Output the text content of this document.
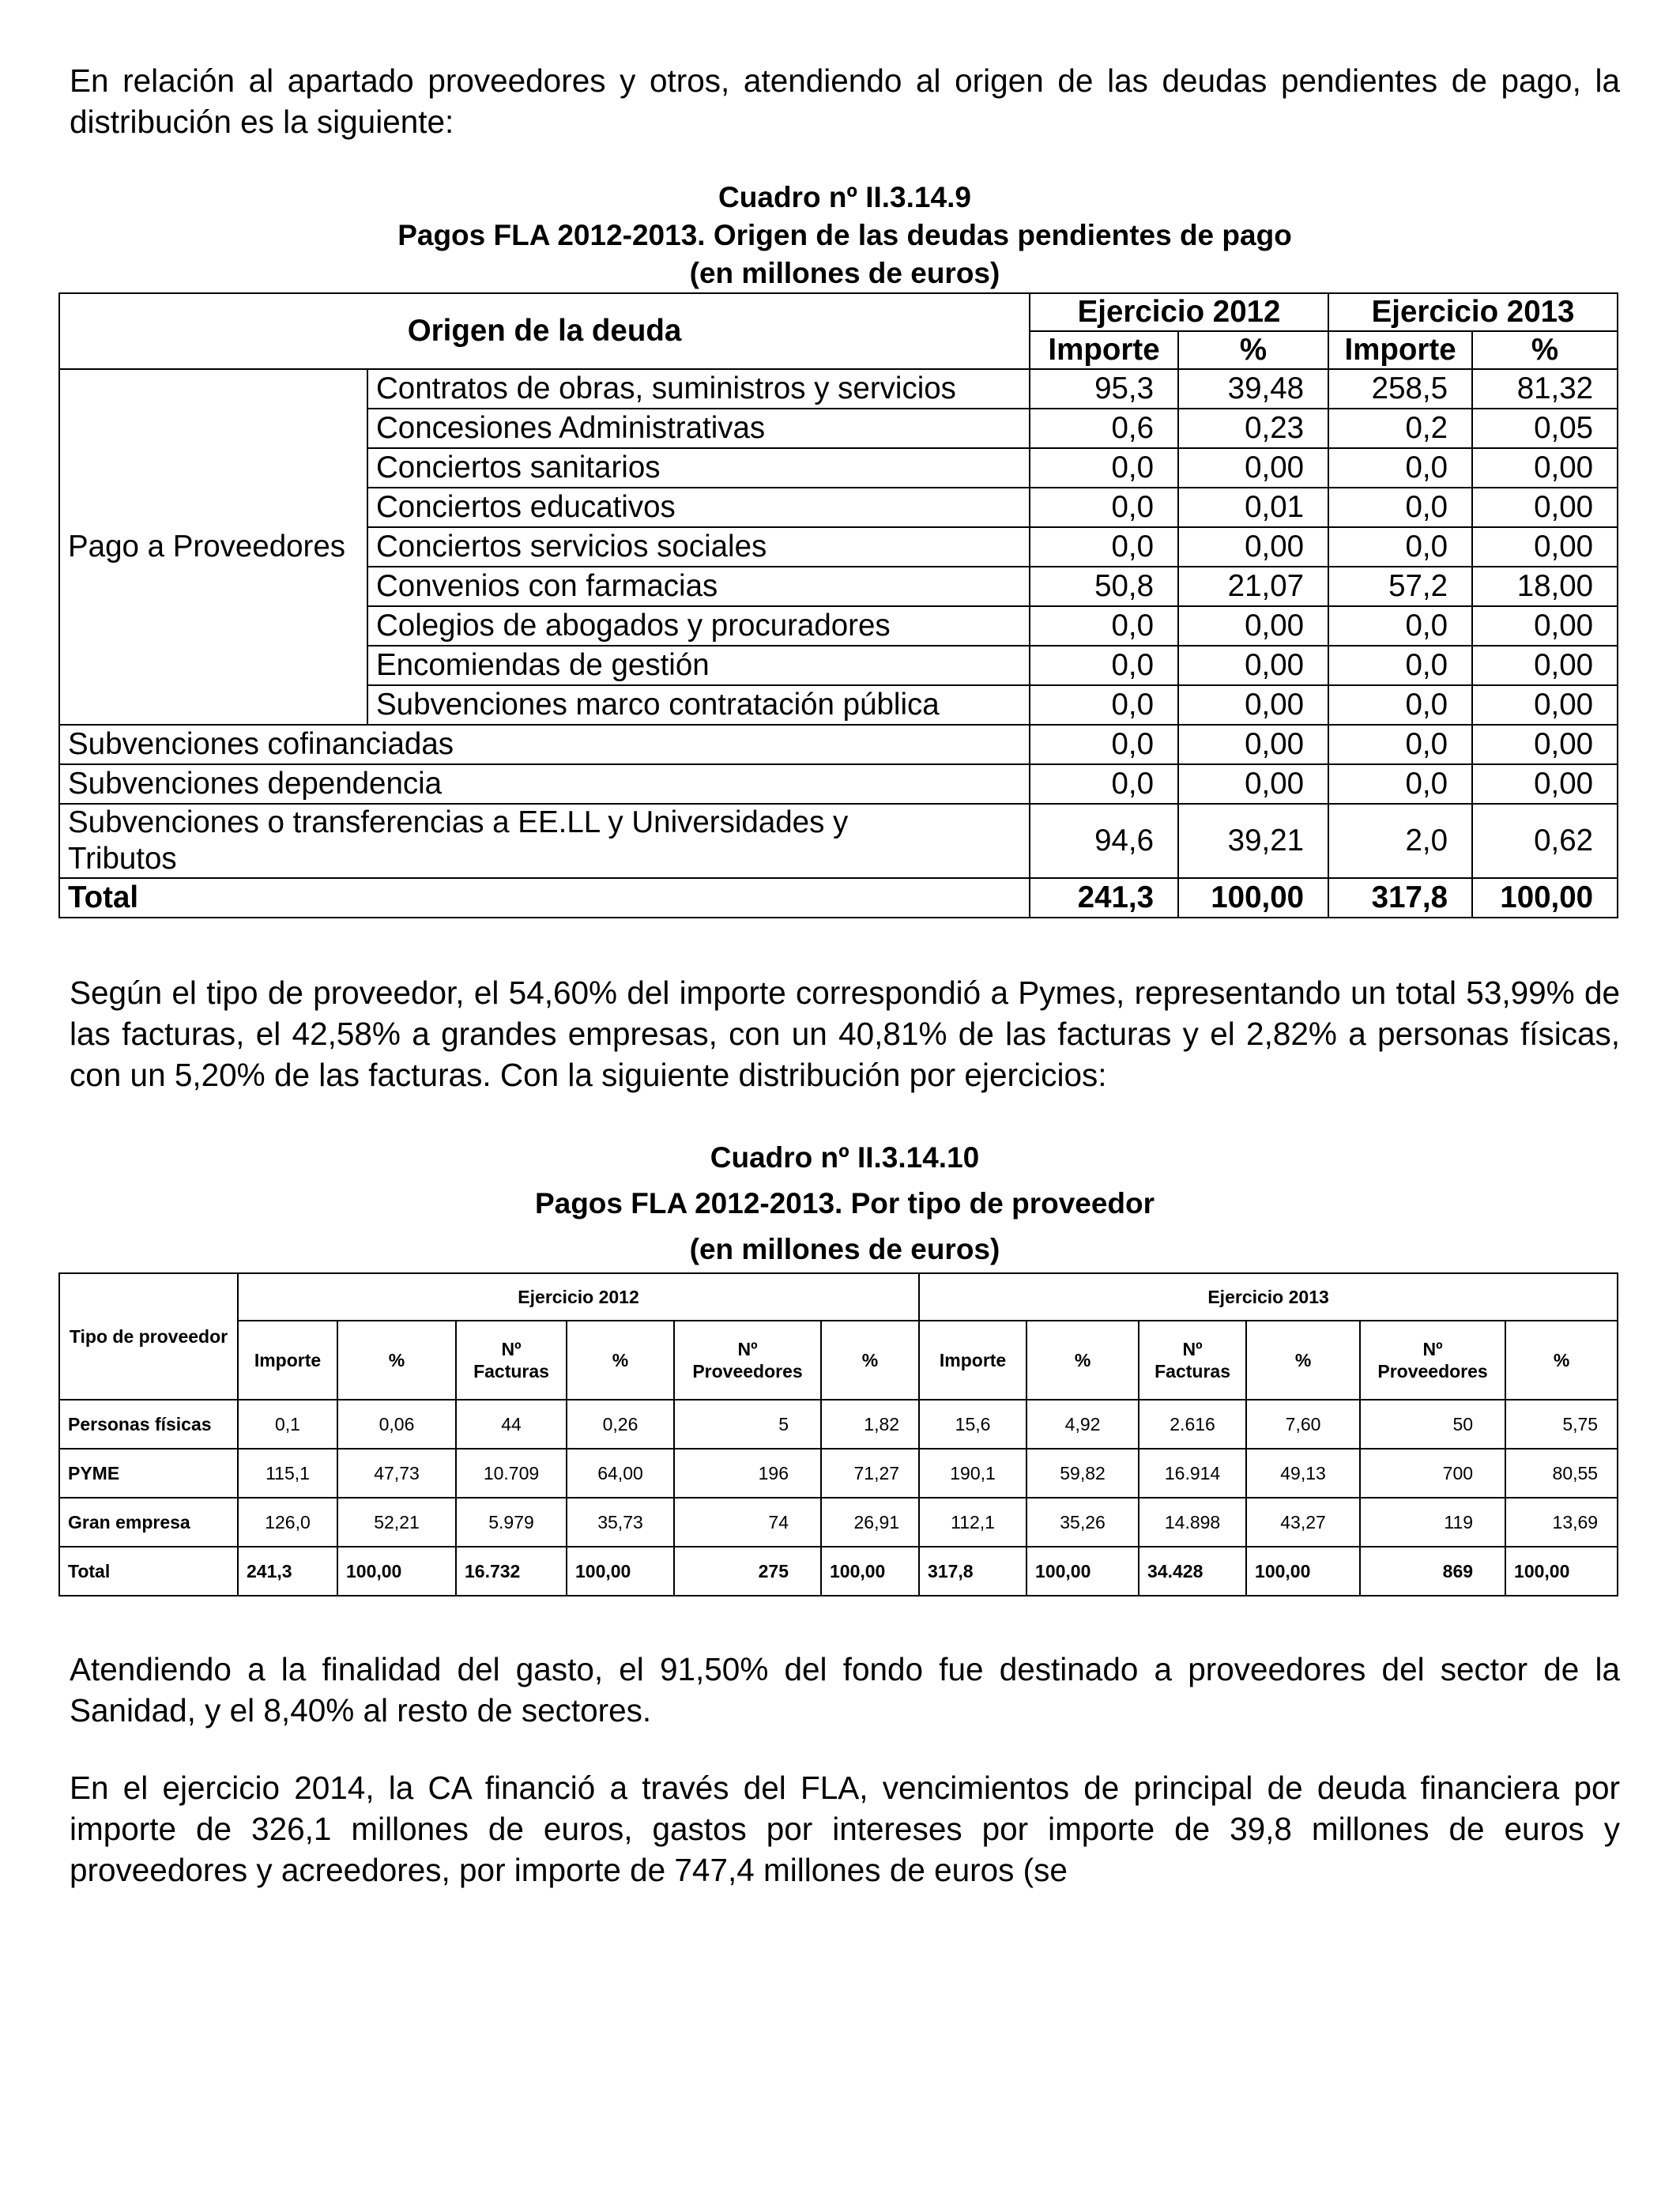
En relación al apartado proveedores y otros, atendiendo al origen de las deudas pendientes de pago, la distribución es la siguiente:

Cuadro nº II.3.14.9
Pagos FLA 2012-2013. Origen de las deudas pendientes de pago
(en millones de euros)
Origen de la deuda		Ejercicio 2012		Ejercicio 2013	
		Importe	%	Importe	%
Pago a Proveedores	Contratos de obras, suministros y servicios	95,3	39,48	258,5	81,32
	Concesiones Administrativas	0,6	0,23	0,2	0,05
	Conciertos sanitarios	0,0	0,00	0,0	0,00
	Conciertos educativos	0,0	0,01	0,0	0,00
	Conciertos servicios sociales	0,0	0,00	0,0	0,00
	Convenios con farmacias	50,8	21,07	57,2	18,00
	Colegios de abogados y procuradores	0,0	0,00	0,0	0,00
	Encomiendas de gestión	0,0	0,00	0,0	0,00
	Subvenciones marco contratación pública	0,0	0,00	0,0	0,00
Subvenciones cofinanciadas		0,0	0,00	0,0	0,00
Subvenciones dependencia		0,0	0,00	0,0	0,00
Subvenciones o transferencias a EE.LL y Universidades y Tributos		94,6	39,21	2,0	0,62
Total		241,3	100,00	317,8	100,00

Según el tipo de proveedor, el 54,60% del importe correspondió a Pymes, representando un total 53,99% de las facturas, el 42,58% a grandes empresas, con un 40,81% de las facturas y el 2,82% a personas físicas, con un 5,20% de las facturas. Con la siguiente distribución por ejercicios:

Cuadro nº II.3.14.10
Pagos FLA 2012-2013. Por tipo de proveedor
(en millones de euros)
Tipo de proveedor	Ejercicio 2012						Ejercicio 2013					
	Importe	%	Nº Facturas	%	Nº Proveedores	%	Importe	%	Nº Facturas	%	Nº Proveedores	%
Personas físicas	0,1	0,06	44	0,26	5	1,82	15,6	4,92	2.616	7,60	50	5,75
PYME	115,1	47,73	10.709	64,00	196	71,27	190,1	59,82	16.914	49,13	700	80,55
Gran empresa	126,0	52,21	5.979	35,73	74	26,91	112,1	35,26	14.898	43,27	119	13,69
Total	241,3	100,00	16.732	100,00	275	100,00	317,8	100,00	34.428	100,00	869	100,00

Atendiendo a la finalidad del gasto, el 91,50% del fondo fue destinado a proveedores del sector de la Sanidad, y el 8,40% al resto de sectores.

En el ejercicio 2014, la CA financió a través del FLA, vencimientos de principal de deuda financiera por importe de 326,1 millones de euros, gastos por intereses por importe de 39,8 millones de euros y proveedores y acreedores, por importe de 747,4 millones de euros (se
